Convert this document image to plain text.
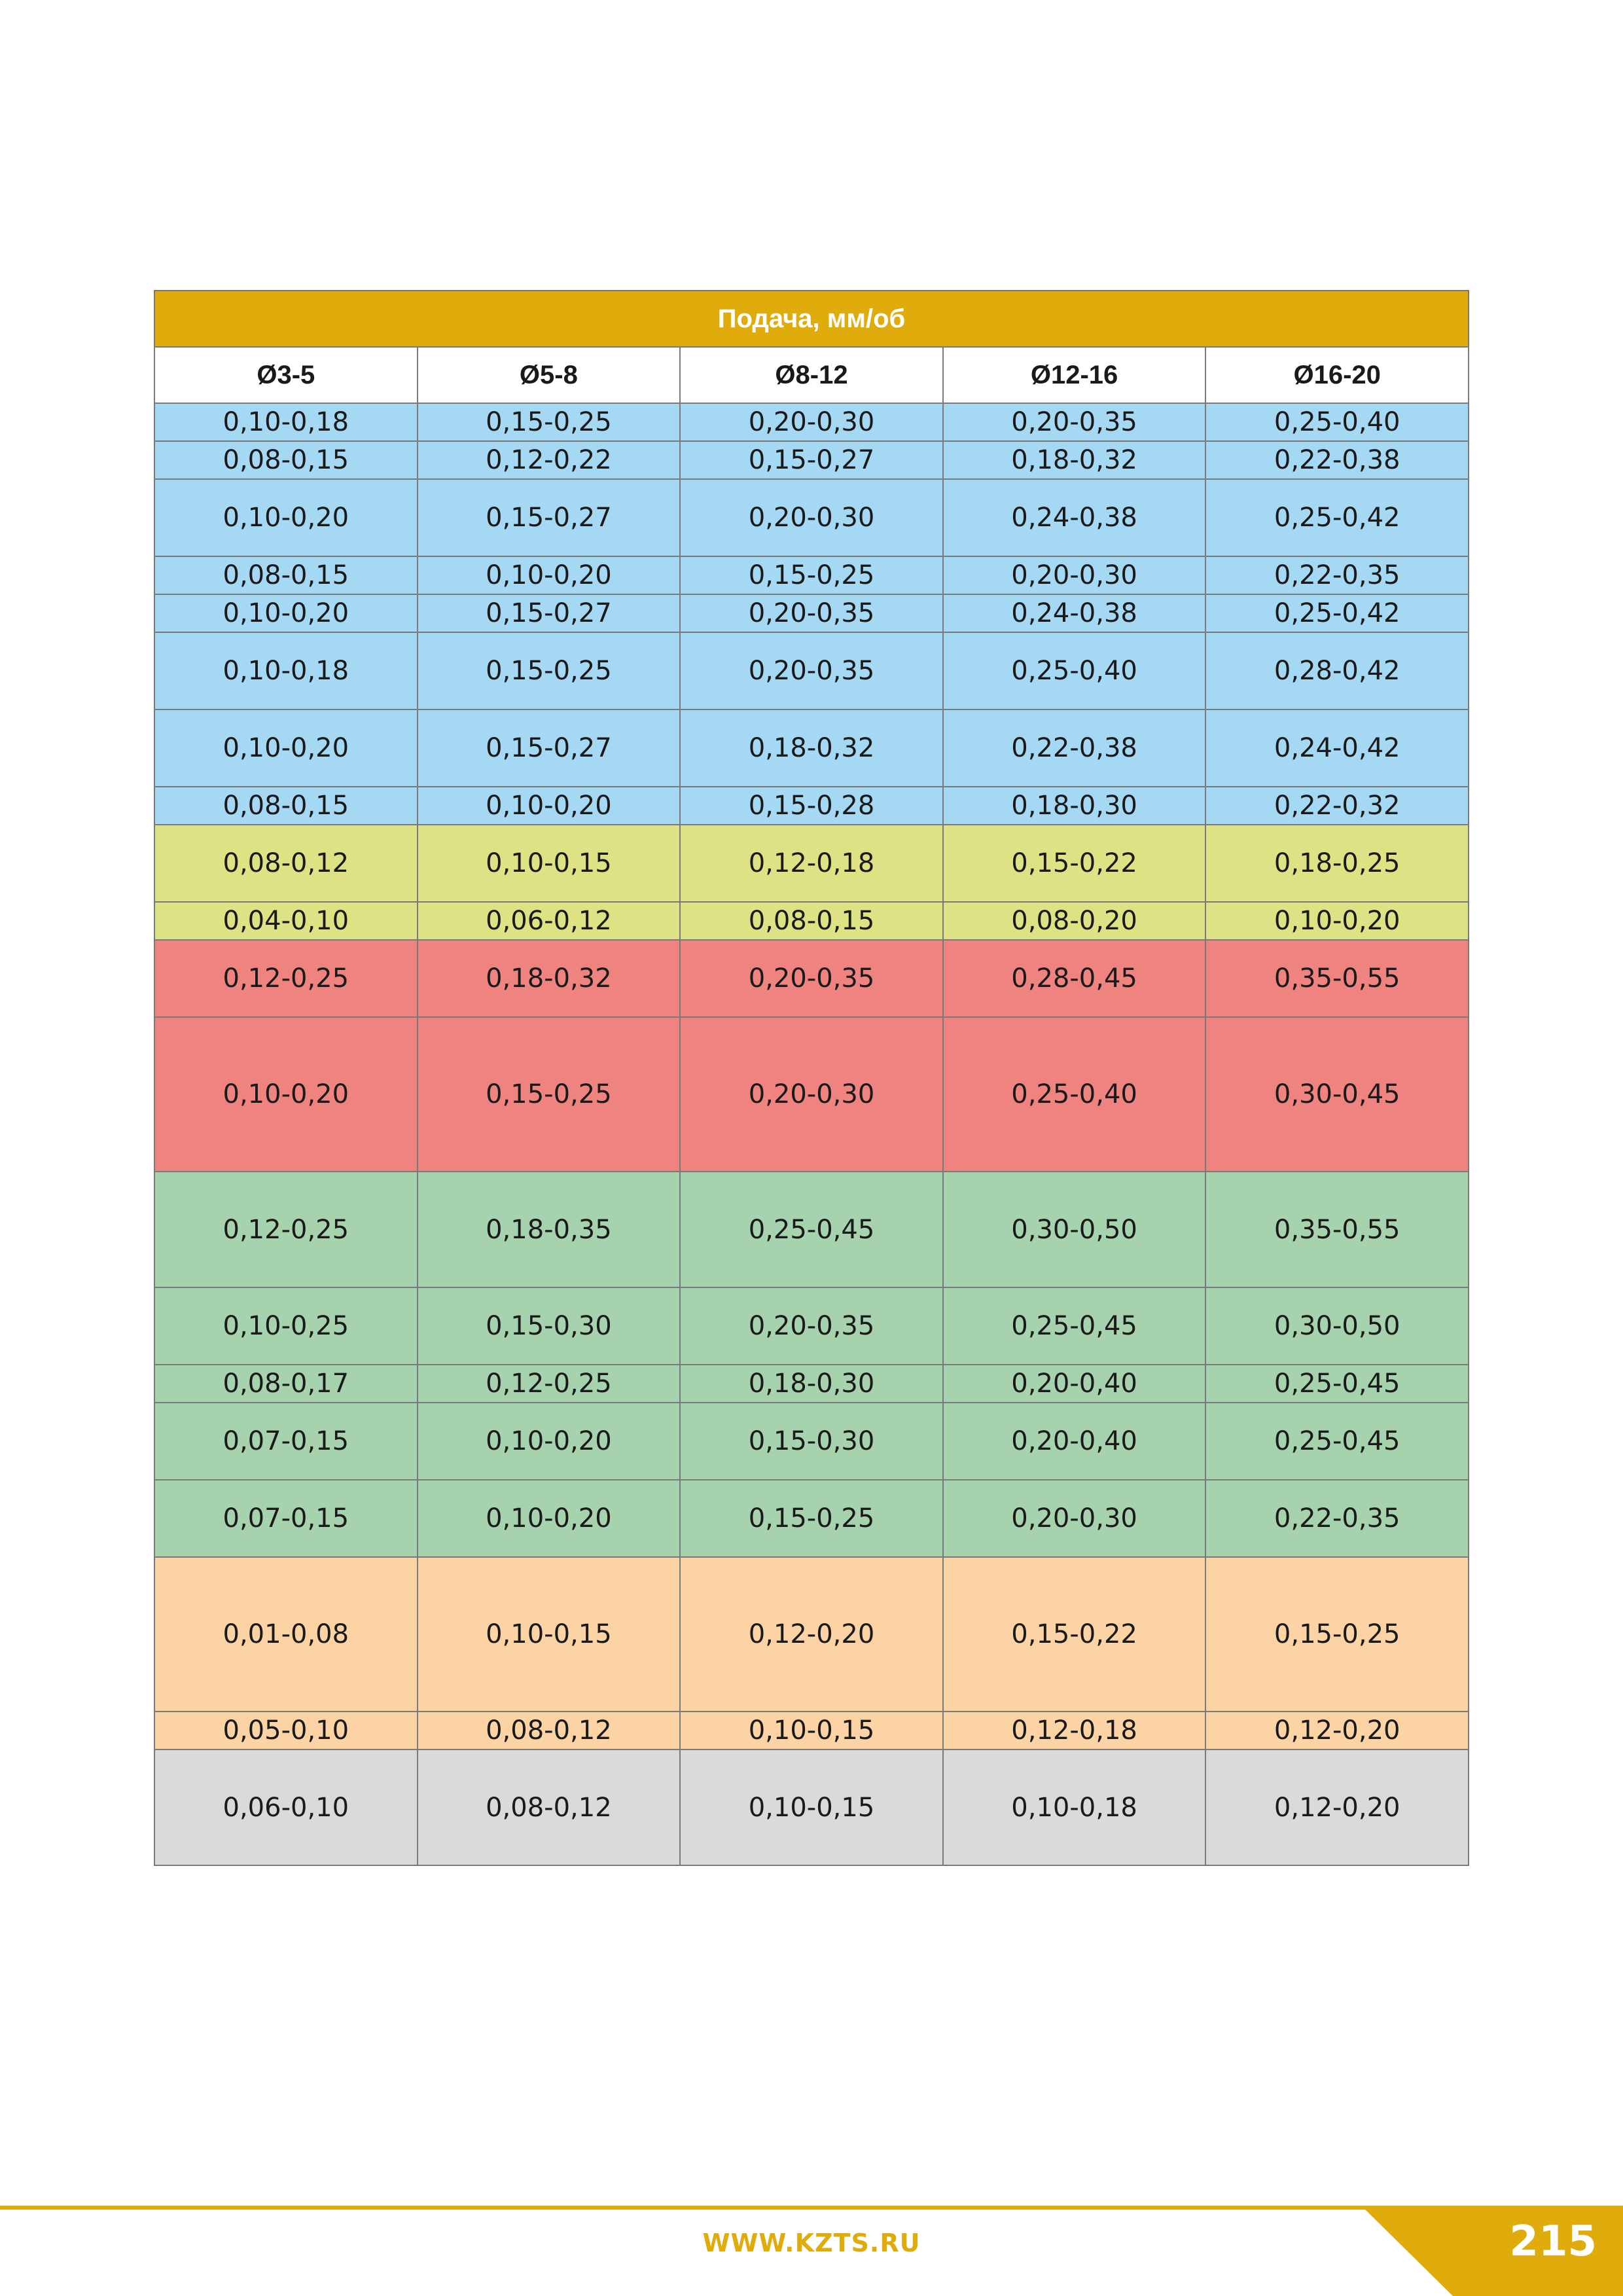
Подача, мм/об				
Ø3-5	Ø5-8	Ø8-12	Ø12-16	Ø16-20
0,10-0,18	0,15-0,25	0,20-0,30	0,20-0,35	0,25-0,40
0,08-0,15	0,12-0,22	0,15-0,27	0,18-0,32	0,22-0,38
0,10-0,20	0,15-0,27	0,20-0,30	0,24-0,38	0,25-0,42
0,08-0,15	0,10-0,20	0,15-0,25	0,20-0,30	0,22-0,35
0,10-0,20	0,15-0,27	0,20-0,35	0,24-0,38	0,25-0,42
0,10-0,18	0,15-0,25	0,20-0,35	0,25-0,40	0,28-0,42
0,10-0,20	0,15-0,27	0,18-0,32	0,22-0,38	0,24-0,42
0,08-0,15	0,10-0,20	0,15-0,28	0,18-0,30	0,22-0,32
0,08-0,12	0,10-0,15	0,12-0,18	0,15-0,22	0,18-0,25
0,04-0,10	0,06-0,12	0,08-0,15	0,08-0,20	0,10-0,20
0,12-0,25	0,18-0,32	0,20-0,35	0,28-0,45	0,35-0,55
0,10-0,20	0,15-0,25	0,20-0,30	0,25-0,40	0,30-0,45
0,12-0,25	0,18-0,35	0,25-0,45	0,30-0,50	0,35-0,55
0,10-0,25	0,15-0,30	0,20-0,35	0,25-0,45	0,30-0,50
0,08-0,17	0,12-0,25	0,18-0,30	0,20-0,40	0,25-0,45
0,07-0,15	0,10-0,20	0,15-0,30	0,20-0,40	0,25-0,45
0,07-0,15	0,10-0,20	0,15-0,25	0,20-0,30	0,22-0,35
0,01-0,08	0,10-0,15	0,12-0,20	0,15-0,22	0,15-0,25
0,05-0,10	0,08-0,12	0,10-0,15	0,12-0,18	0,12-0,20
0,06-0,10	0,08-0,12	0,10-0,15	0,10-0,18	0,12-0,20
WWW.KZTS.RU	215
